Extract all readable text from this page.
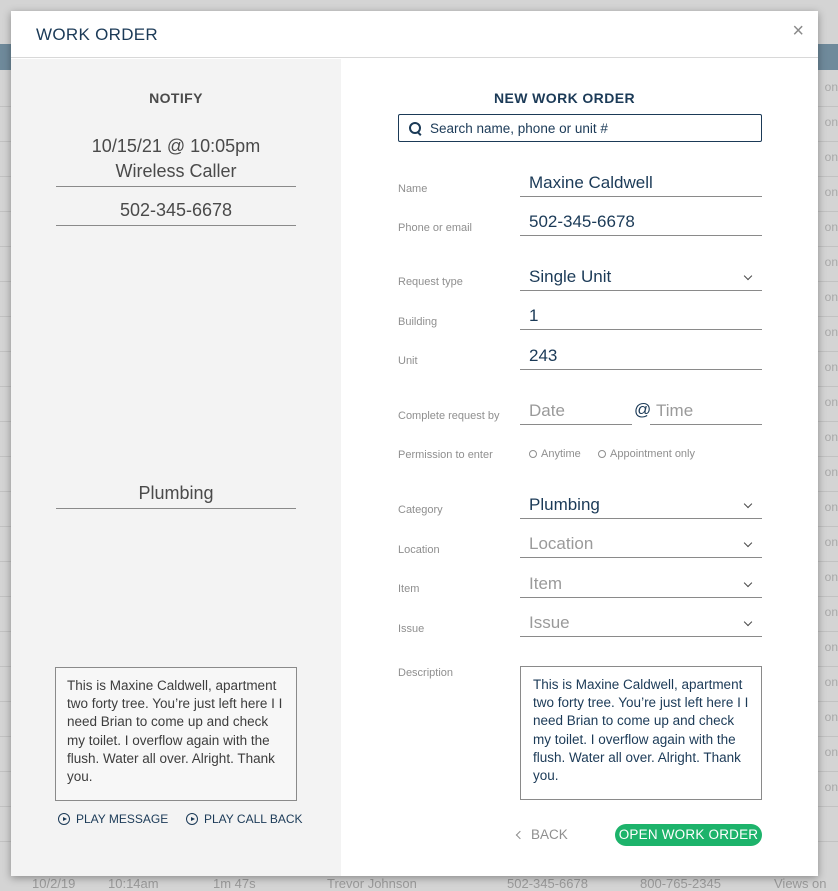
on
on
on
on
on
on
on
on
on
on
on
on
on
on
on
on
on
on
on
on
on
10/2/19	10:14am	1m 47s	Trevor Johnson	502-345-6678	800-765-2345	Views on
WORK ORDER	×
NOTIFY
10/15/21 @ 10:05pm
Wireless Caller
502-345-6678
Plumbing
This is Maxine Caldwell, apartment two forty tree. You’re just left here I I need Brian to come up and check my toilet. I overflow again with the flush. Water all over. Alright. Thank you.
PLAY MESSAGE	PLAY CALL BACK
NEW WORK ORDER
Search name, phone or unit #
Name	Maxine Caldwell
Phone or email	502-345-6678
Request type	Single Unit
Building	1
Unit	243
Complete request by	Date	@ Time
Permission to enter	Anytime	Appointment only
Category	Plumbing
Location	Location
Item	Item
Issue	Issue
Description
This is Maxine Caldwell, apartment two forty tree. You’re just left here I I need Brian to come up and check my toilet. I overflow again with the flush. Water all over. Alright. Thank you.
BACK	OPEN WORK ORDER
